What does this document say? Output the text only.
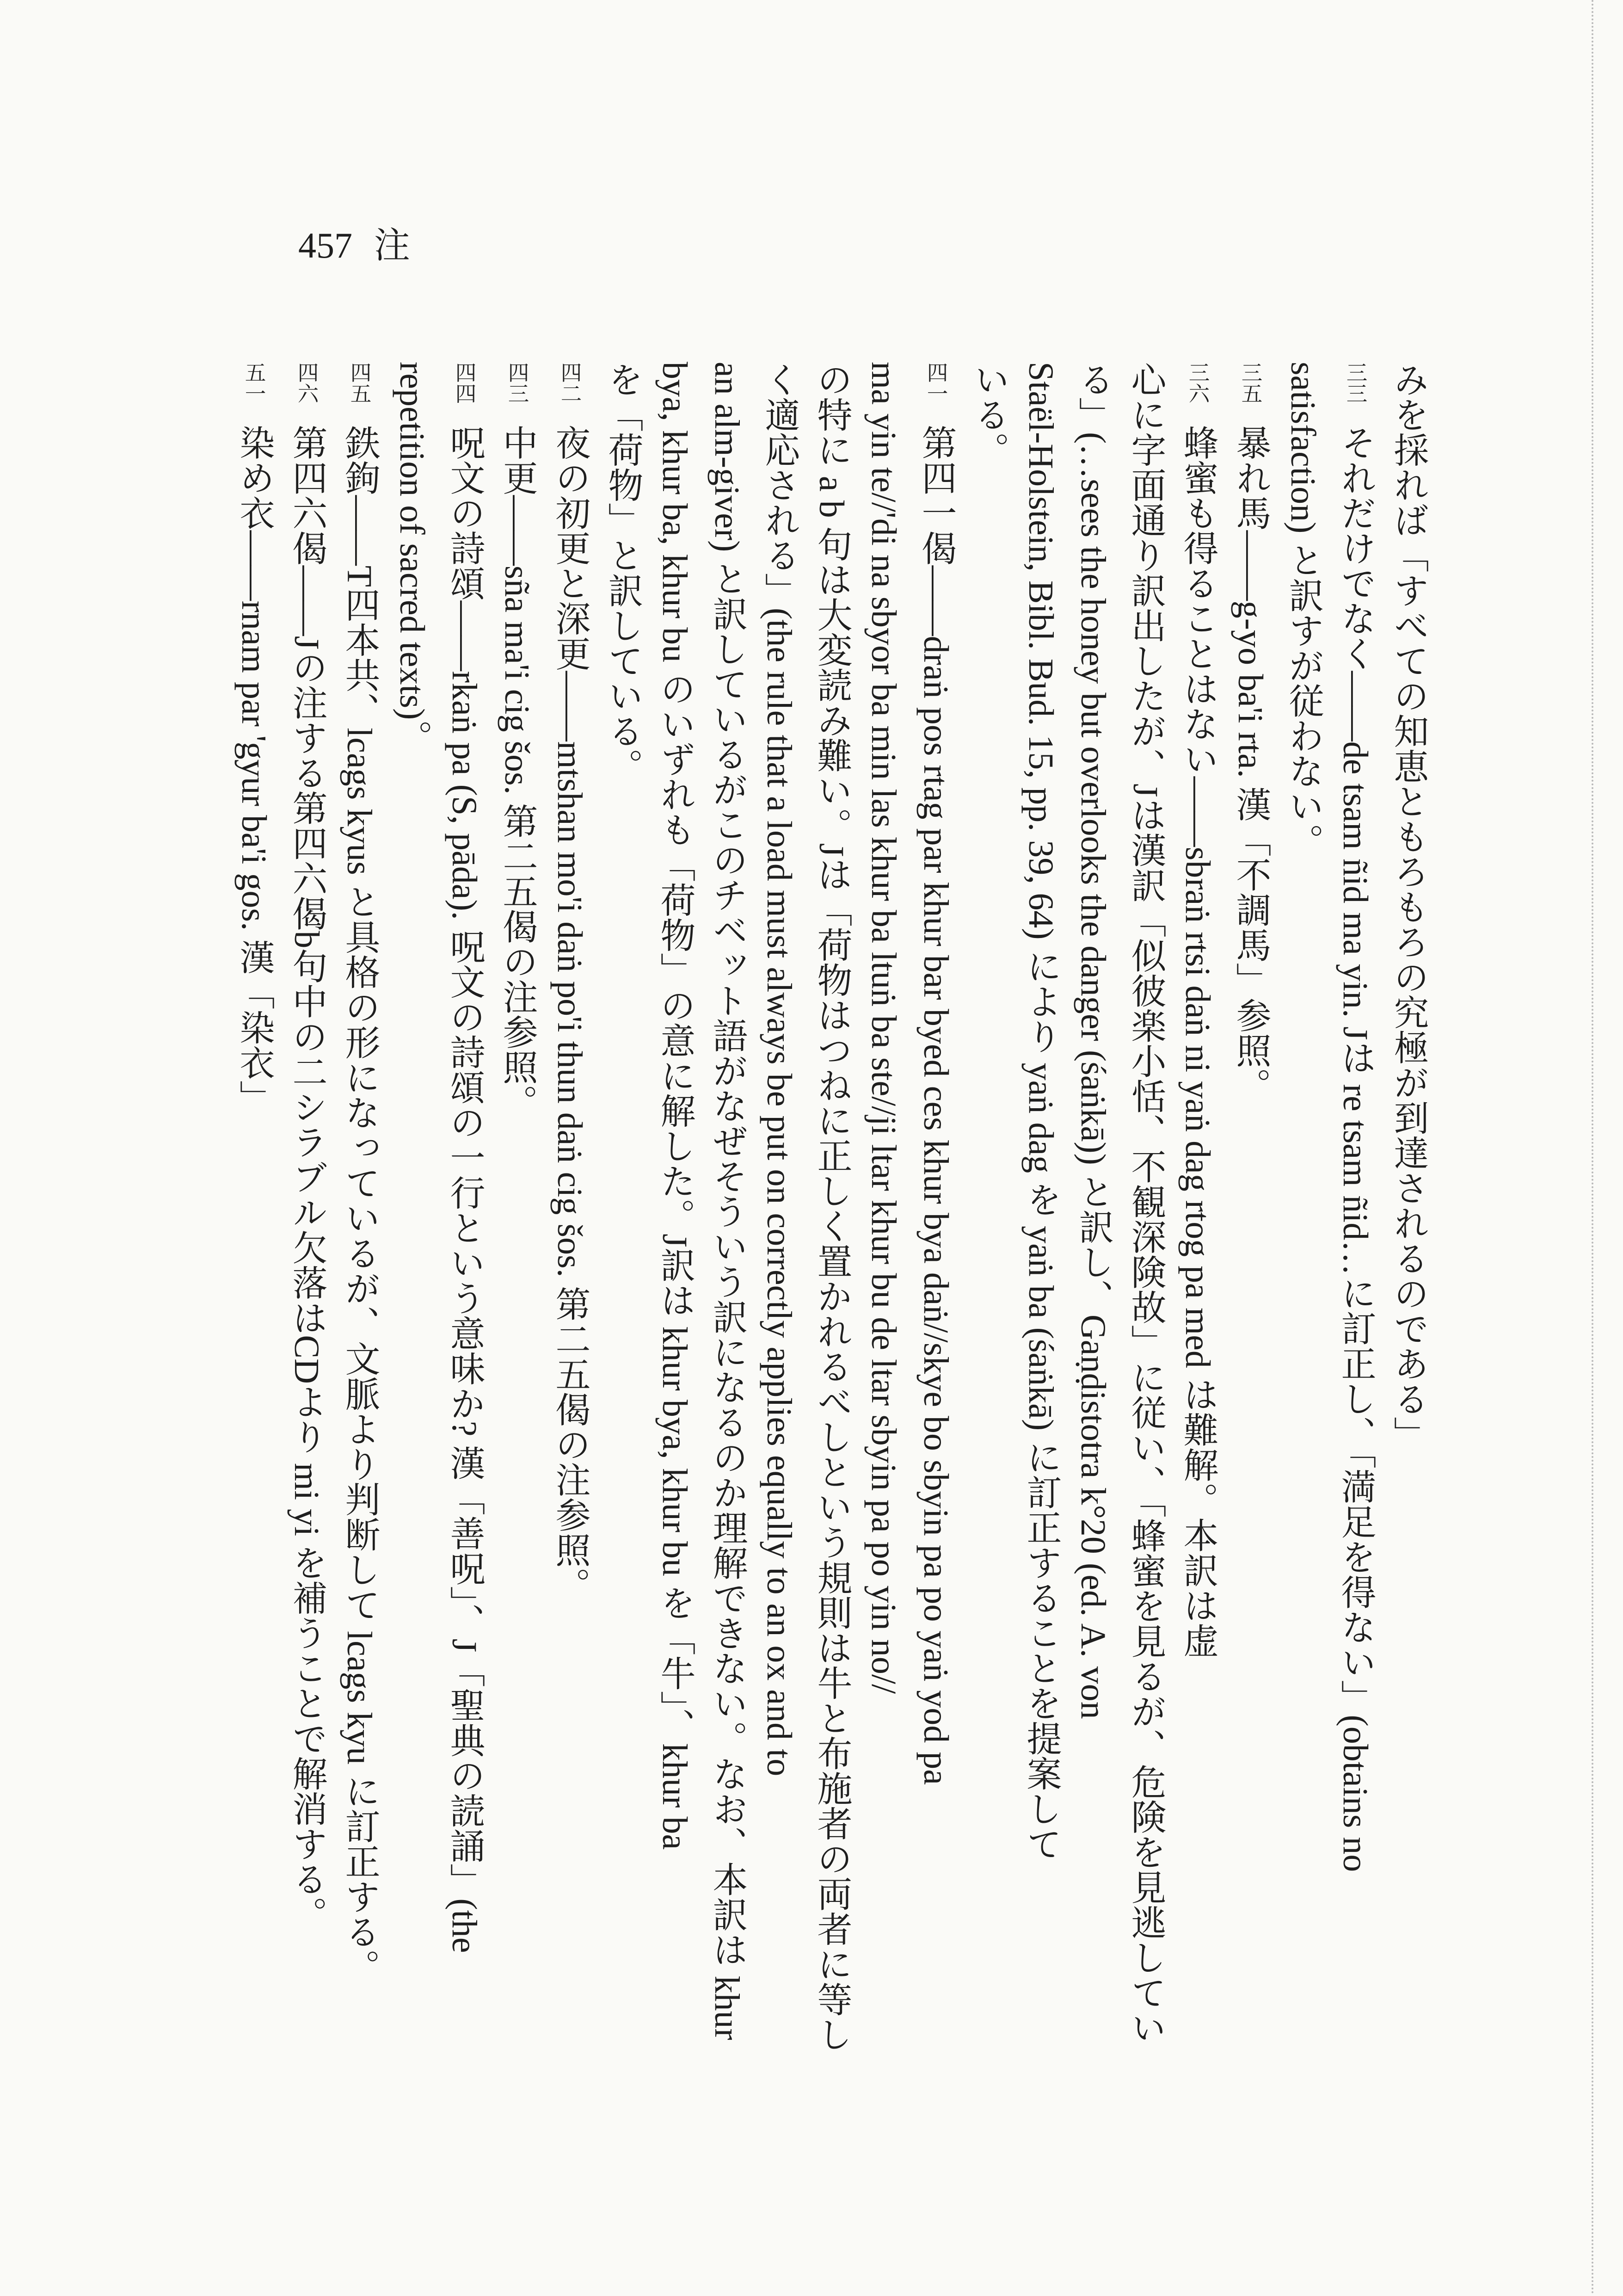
457 注
みを採れば「すべての知恵ともろもろの究極が到達されるのである」
三三それだけでなく——de tsam ñid ma yin. Jは re tsam ñid…に訂正し、「満足を得ない」(obtains no
satisfaction) と訳すが従わない。
三五暴れ馬——g-yo ba'i rta. 漢「不調馬」参照。
三六蜂蜜も得ることはない——sbraṅ rtsi daṅ ni yaṅ dag rtog pa med は難解。本訳は虚
心に字面通り訳出したが、Jは漢訳「似彼楽小恬、不観深険故」に従い、「蜂蜜を見るが、危険を見逃してい
る」(…sees the honey but overlooks the danger (śaṅkā)) と訳し、Gaṇḍistotra k°20 (ed. A. von
Staël-Holstein, Bibl. Bud. 15, pp. 39, 64) により yaṅ dag を yaṅ ba (śaṅkā) に訂正することを提案して
いる。
四一第四一偈——draṅ pos rtag par khur bar byed ces khur bya daṅ//skye bo sbyin pa po yaṅ yod pa
ma yin te//'di na sbyor ba min las khur ba ltuṅ ba ste//ji ltar khur bu de ltar sbyin pa po yin no//
の特に a b 句は大変読み難い。Jは「荷物はつねに正しく置かれるべしという規則は牛と布施者の両者に等し
く適応される」(the rule that a load must always be put on correctly applies equally to an ox and to
an alm-giver) と訳しているがこのチベット語がなぜそういう訳になるのか理解できない。なお、本訳は khur
bya, khur ba, khur bu のいずれも「荷物」の意に解した。J訳は khur bya, khur bu を「牛」、khur ba
を「荷物」と訳している。
四二夜の初更と深更——mtshan mo'i daṅ po'i thun daṅ cig šos. 第二五偈の注参照。
四三中更——sña ma'i cig šos. 第二五偈の注参照。
四四呪文の詩頌——rkaṅ pa (S, pāda). 呪文の詩頌の一行という意味か? 漢「善呪」、J「聖典の読誦」(the
repetition of sacred texts)。
四五鉄鉤——T四本共、lcags kyus と具格の形になっているが、文脈より判断して lcags kyu に訂正する。
四六第四六偈——Jの注する第四六偈b句中の二シラブル欠落はCDより mi yi を補うことで解消する。
五一染め衣——rnam par 'gyur ba'i gos. 漢「染衣」
